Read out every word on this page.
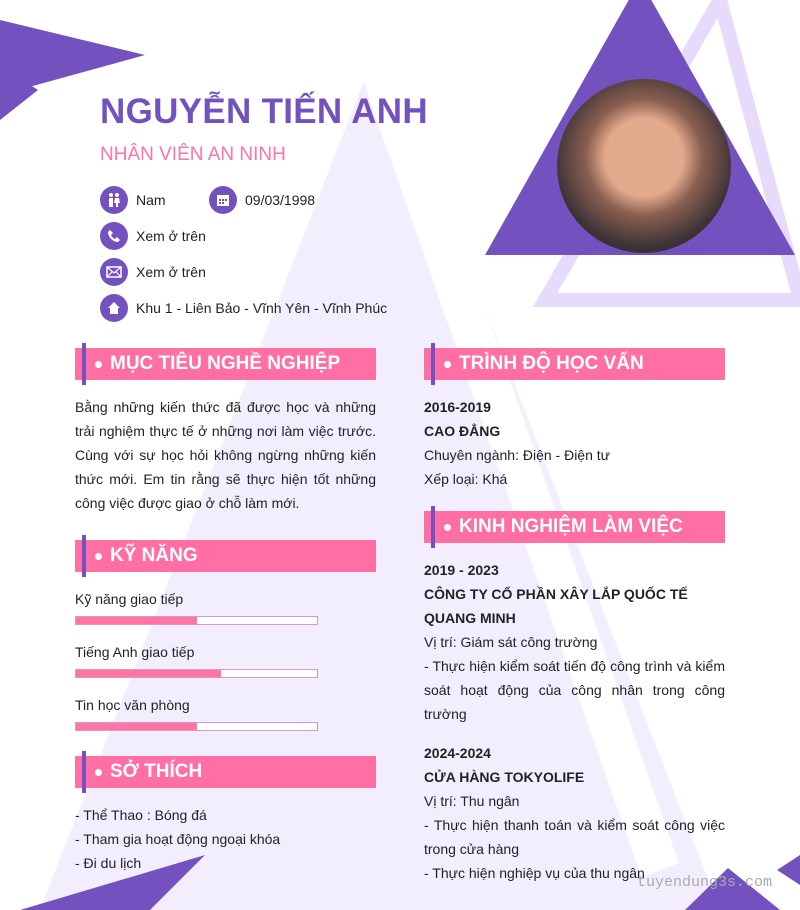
NGUYỄN TIẾN ANH
NHÂN VIÊN AN NINH
Nam	09/03/1998
Xem ở trên
Xem ở trên
Khu 1 - Liên Bảo - Vĩnh Yên - Vĩnh Phúc
MỤC TIÊU NGHỀ NGHIỆP
Bằng những kiến thức đã được học và những trải nghiệm thực tế ở những nơi làm việc trước. Cùng với sự học hỏi không ngừng những kiến thức mới. Em tin rằng sẽ thực hiện tốt những công việc được giao ở chỗ làm mới.
KỸ NĂNG
Kỹ năng giao tiếp
Tiếng Anh giao tiếp
Tin học văn phòng
SỞ THÍCH
- Thể Thao : Bóng đá
- Tham gia hoạt động ngoại khóa
- Đi du lịch
TRÌNH ĐỘ HỌC VẤN
2016-2019
CAO ĐẲNG
Chuyên ngành: Điện - Điện tư
Xếp loại: Khá
KINH NGHIỆM LÀM VIỆC
2019 - 2023
CÔNG TY CỔ PHẦN XÂY LẮP QUỐC TẾ QUANG MINH
Vị trí: Giám sát công trường
- Thực hiện kiểm soát tiến độ công trình và kiểm soát hoạt động của công nhân trong công trường
2024-2024
CỬA HÀNG TOKYOLIFE
Vị trí: Thu ngân
- Thực hiện thanh toán và kiểm soát công việc trong cửa hàng
- Thực hiện nghiệp vụ của thu ngân
tuyendung3s.com
